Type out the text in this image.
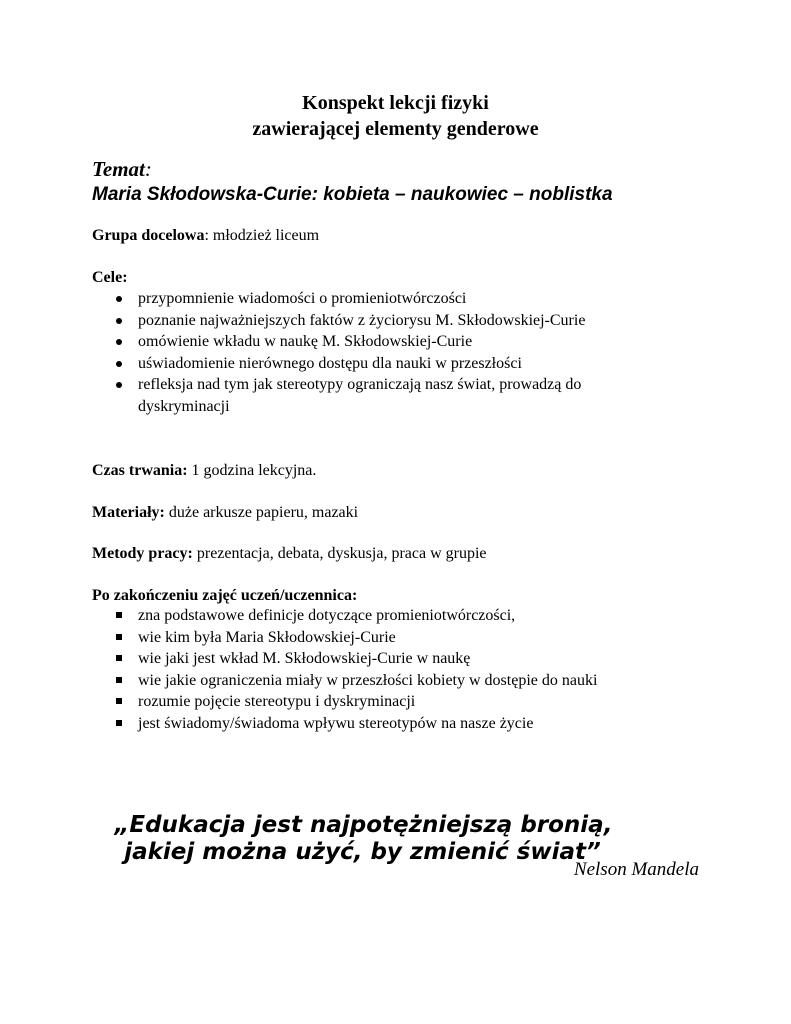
Konspekt lekcji fizyki
zawierającej elementy genderowe
Temat:
Maria Skłodowska-Curie: kobieta – naukowiec – noblistka
Grupa docelowa: młodzież liceum
Cele:
przypomnienie wiadomości o promieniotwórczości
poznanie najważniejszych faktów z życiorysu M. Skłodowskiej-Curie
omówienie wkładu w naukę M. Skłodowskiej-Curie
uświadomienie nierównego dostępu dla nauki w przeszłości
refleksja nad tym jak stereotypy ograniczają nasz świat, prowadzą do dyskryminacji
Czas trwania: 1 godzina lekcyjna.
Materiały: duże arkusze papieru, mazaki
Metody pracy: prezentacja, debata, dyskusja, praca w grupie
Po zakończeniu zajęć uczeń/uczennica:
zna podstawowe definicje dotyczące promieniotwórczości,
wie kim była Maria Skłodowskiej-Curie
wie jaki jest wkład M. Skłodowskiej-Curie w naukę
wie jakie ograniczenia miały w przeszłości kobiety w dostępie do nauki
rozumie pojęcie stereotypu i dyskryminacji
jest świadomy/świadoma wpływu stereotypów na nasze życie
„Edukacja jest najpotężniejszą bronią,
jakiej można użyć, by zmienić świat”
Nelson Mandela
